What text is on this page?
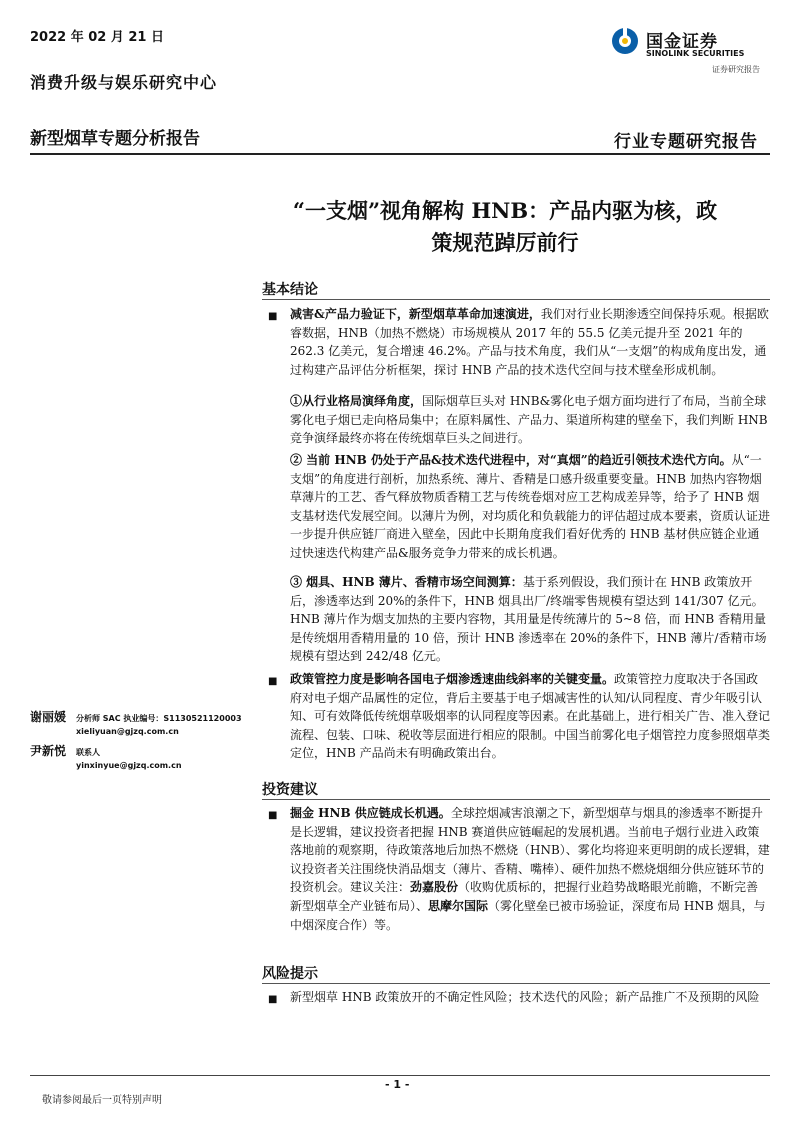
2022 年 02 月 21 日
消费升级与娱乐研究中心
新型烟草专题分析报告	行业专题研究报告
国金证券
SINOLINK SECURITIES
证券研究报告
“一支烟”视角解构 HNB：产品内驱为核，政
策规范踔厉前行
基本结论
■ 减害&产品力验证下，新型烟草革命加速演进，我们对行业长期渗透空间保持乐观。根据欧睿数据，HNB（加热不燃烧）市场规模从 2017 年的 55.5 亿美元提升至 2021 年的 262.3 亿美元，复合增速 46.2%。产品与技术角度，我们从“一支烟”的构成角度出发，通过构建产品评估分析框架，探讨 HNB 产品的技术迭代空间与技术壁垒形成机制。
①从行业格局演绎角度，国际烟草巨头对 HNB&雾化电子烟方面均进行了布局，当前全球雾化电子烟已走向格局集中；在原料属性、产品力、渠道所构建的壁垒下，我们判断 HNB 竞争演绎最终亦将在传统烟草巨头之间进行。
② 当前 HNB 仍处于产品&技术迭代进程中，对“真烟”的趋近引领技术迭代方向。从“一支烟”的角度进行剖析，加热系统、薄片、香精是口感升级重要变量。HNB 加热内容物烟草薄片的工艺、香气释放物质香精工艺与传统卷烟对应工艺构成差异等，给予了 HNB 烟支基材迭代发展空间。以薄片为例，对均质化和负载能力的评估超过成本要素，资质认证进一步提升供应链厂商进入壁垒，因此中长期角度我们看好优秀的 HNB 基材供应链企业通过快速迭代构建产品&服务竞争力带来的成长机遇。
③ 烟具、HNB 薄片、香精市场空间测算：基于系列假设，我们预计在 HNB 政策放开后，渗透率达到 20%的条件下，HNB 烟具出厂/终端零售规模有望达到 141/307 亿元。HNB 薄片作为烟支加热的主要内容物，其用量是传统薄片的 5~8 倍，而 HNB 香精用量是传统烟用香精用量的 10 倍，预计 HNB 渗透率在 20%的条件下，HNB 薄片/香精市场规模有望达到 242/48 亿元。
■ 政策管控力度是影响各国电子烟渗透速曲线斜率的关键变量。政策管控力度取决于各国政府对电子烟产品属性的定位，背后主要基于电子烟减害性的认知/认同程度、青少年吸引认知、可有效降低传统烟草吸烟率的认同程度等因素。在此基础上，进行相关广告、准入登记流程、包装、口味、税收等层面进行相应的限制。中国当前雾化电子烟管控力度参照烟草类定位，HNB 产品尚未有明确政策出台。
谢丽媛 分析师 SAC 执业编号：S1130521120003
xieliyuan@gjzq.com.cn
尹新悦 联系人
yinxinyue@gjzq.com.cn
投资建议
■ 掘金 HNB 供应链成长机遇。全球控烟减害浪潮之下，新型烟草与烟具的渗透率不断提升是长逻辑，建议投资者把握 HNB 赛道供应链崛起的发展机遇。当前电子烟行业进入政策落地前的观察期，待政策落地后加热不燃烧（HNB）、雾化均将迎来更明朗的成长逻辑，建议投资者关注围绕快消品烟支（薄片、香精、嘴棒）、硬件加热不燃烧烟细分供应链环节的投资机会。建议关注：劲嘉股份（收购优质标的，把握行业趋势战略眼光前瞻，不断完善新型烟草全产业链布局）、思摩尔国际（雾化壁垒已被市场验证，深度布局 HNB 烟具，与中烟深度合作）等。
风险提示
■ 新型烟草 HNB 政策放开的不确定性风险；技术迭代的风险；新产品推广不及预期的风险
- 1 -
敬请参阅最后一页特别声明
